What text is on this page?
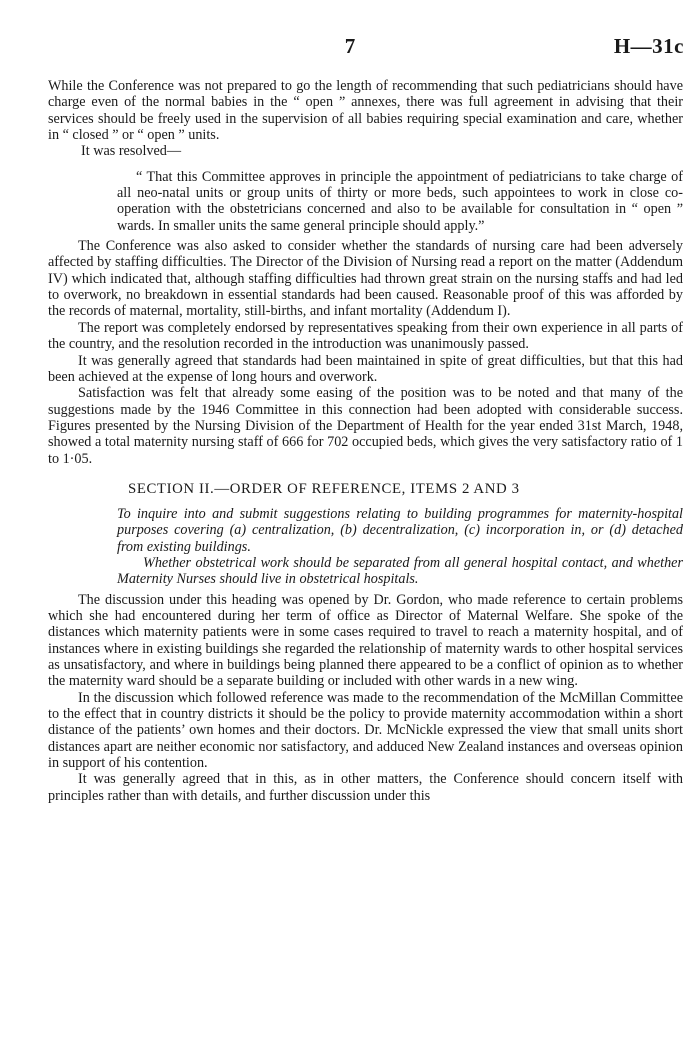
7	H—31c

While the Conference was not prepared to go the length of recommending that such pediatricians should have charge even of the normal babies in the “ open ” annexes, there was full agreement in advising that their services should be freely used in the supervision of all babies requiring special examination and care, whether in “ closed ” or “ open ” units.

It was resolved—

“ That this Committee approves in principle the appointment of pediatricians to take charge of all neo-natal units or group units of thirty or more beds, such appointees to work in close co-operation with the obstetricians concerned and also to be available for consultation in “ open ” wards. In smaller units the same general principle should apply.”

The Conference was also asked to consider whether the standards of nursing care had been adversely affected by staffing difficulties. The Director of the Division of Nursing read a report on the matter (Addendum IV) which indicated that, although staffing difficulties had thrown great strain on the nursing staffs and had led to overwork, no breakdown in essential standards had been caused. Reasonable proof of this was afforded by the records of maternal, mortality, still-births, and infant mortality (Addendum I).

The report was completely endorsed by representatives speaking from their own experience in all parts of the country, and the resolution recorded in the introduction was unanimously passed.

It was generally agreed that standards had been maintained in spite of great difficulties, but that this had been achieved at the expense of long hours and overwork.

Satisfaction was felt that already some easing of the position was to be noted and that many of the suggestions made by the 1946 Committee in this connection had been adopted with considerable success. Figures presented by the Nursing Division of the Department of Health for the year ended 31st March, 1948, showed a total maternity nursing staff of 666 for 702 occupied beds, which gives the very satisfactory ratio of 1 to 1·05.

SECTION II.—ORDER OF REFERENCE, ITEMS 2 AND 3

To inquire into and submit suggestions relating to building programmes for maternity-hospital purposes covering (a) centralization, (b) decentralization, (c) incorporation in, or (d) detached from existing buildings.

Whether obstetrical work should be separated from all general hospital contact, and whether Maternity Nurses should live in obstetrical hospitals.

The discussion under this heading was opened by Dr. Gordon, who made reference to certain problems which she had encountered during her term of office as Director of Maternal Welfare. She spoke of the distances which maternity patients were in some cases required to travel to reach a maternity hospital, and of instances where in existing buildings she regarded the relationship of maternity wards to other hospital services as unsatisfactory, and where in buildings being planned there appeared to be a conflict of opinion as to whether the maternity ward should be a separate building or included with other wards in a new wing.

In the discussion which followed reference was made to the recommendation of the McMillan Committee to the effect that in country districts it should be the policy to provide maternity accommodation within a short distance of the patients’ own homes and their doctors. Dr. McNickle expressed the view that small units short distances apart are neither economic nor satisfactory, and adduced New Zealand instances and overseas opinion in support of his contention.

It was generally agreed that in this, as in other matters, the Conference should concern itself with principles rather than with details, and further discussion under this
